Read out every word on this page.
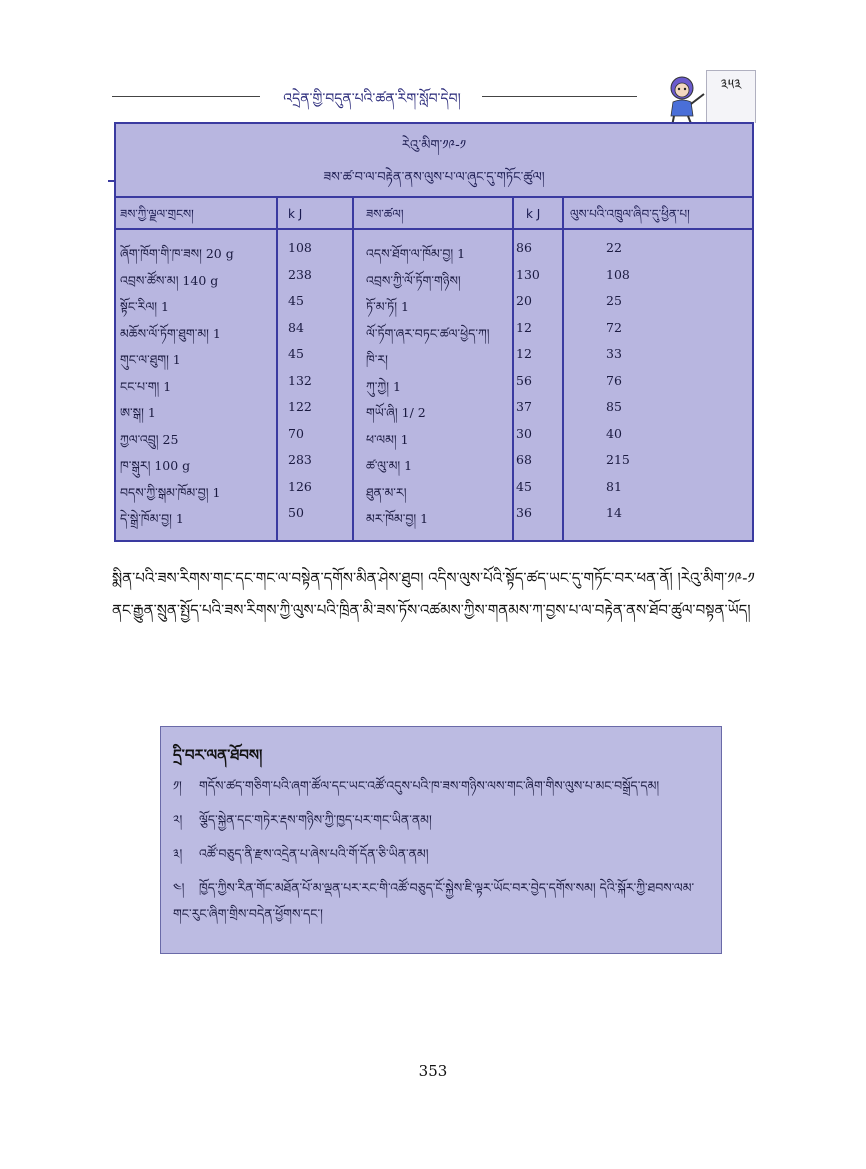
འདྲེན་གྱི་བདུན་པའི་ཚན་རིག་སློབ་དེབ།
༣༥༣
རེའུ་མིག་༡༩-༡
ཟས་ཚ་བ་ལ་བརྟེན་ནས་ལུས་པ་ལ་ཞུང་དུ་གཏོང་ཚུལ།
ཟས་ཀྱི་ལྗལ་གྲངས།	k J	ཟས་ཚལ།	k J	ལུས་པའི་འཁྲུལ་ཞིབ་དུ་ཕྱིན་པ།
ཞོག་ཁོག་གི་ཁ་ཟས། 20 g	108	འདས་ཐོག་ལ་ཁོམ་བྱ། 1	86	22
འབྲས་ཚོས་མ། 140 g	238	འབྲས་ཀྱི་ལོ་ཏོག་གཉིས།	130	108
སྟོང་རིལ། 1	45	ཏོ་མ་ཏོ། 1	20	25
མཆོས་ལོ་ཏོག་ཐུག་མ། 1	84	ལོ་ཏོག་ཞར་བཏང་ཚལ་ཕྱེད་ཀ།	12	72
གུང་ལ་ཐུག། 1	45	ཁི་ར།	12	33
ངང་པ་ག། 1	132	ཀུ་ཀྱེ། 1	56	76
ཨ་སྒ། 1	122	གཡོ་ཞི། 1/ 2	37	85
ཀྱལ་འབྲུ། 25	70	ཕ་ལམ། 1	30	40
ཁ་སྒུར། 100 g	283	ཚ་ལུ་མ། 1	68	215
བདས་ཀྱི་སྒམ་ཁོམ་བྱ། 1	126	ཐུན་མ་ར།	45	81
དེ་སྒྲེ་ཁོམ་བྱ། 1	50	མར་ཁོམ་བྱ། 1	36	14
སྨིན་པའི་ཟས་རིགས་གང་དང་གང་ལ་བསྟེན་དགོས་མིན་ཤེས་ཐུབ། འདིས་ལུས་པོའི་སྟོད་ཚད་ཡང་དུ་གཏོང་བར་ཕན་ནོ། །རེའུ་མིག་༡༩-༡ ནང་རྒྱུན་སྲུན་སྤྱོད་པའི་ཟས་རིགས་ཀྱི་ལུས་པའི་ཁྲིན་མི་ཟས་ཏོས་འཚམས་ཀྱིས་གནམས་ཀ་བྱས་པ་ལ་བརྟེན་ནས་ཐོབ་ཚུལ་བསྟན་ཡོད།
དྲི་བར་ལན་ཐོབས།
༡། གདོས་ཚད་གཅིག་པའི་ཞག་ཚོལ་དང་ཡང་འཚོ་འདུས་པའི་ཁ་ཟས་གཉིས་ལས་གང་ཞིག་གིས་ལུས་པ་མང་བསྒྲོད་དམ།
༢། ལྕོད་སྐྱེན་དང་གཏེར་རྡས་གཉིས་ཀྱི་ཁྱད་པར་གང་ཡིན་ནམ།
༣། འཚོ་བཅུད་ནི་རྫས་འདྲེན་པ་ཞེས་པའི་གོ་དོན་ཅི་ཡིན་ནམ།
༤། ཁྱོད་ཀྱིས་རིན་གོང་མཐོན་པོ་མ་ལྡན་པར་རང་གི་འཚོ་བཅུད་ངོ་སྐྱེས་ཇི་ལྟར་ཡོང་བར་བྱེད་དགོས་སམ། དེའི་སྐོར་ཀྱི་ཐབས་ལམ་གང་རུང་ཞིག་གྲིས་བདེན་ཕྱོགས་དང་།
353
